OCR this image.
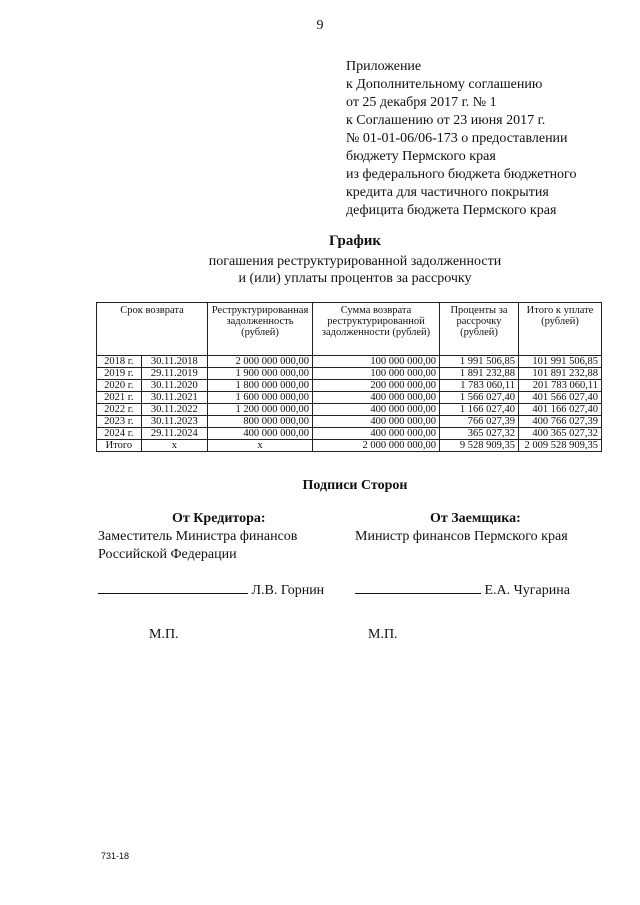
9
Приложение
к Дополнительному соглашению
от 25 декабря 2017 г. № 1
к Соглашению от 23 июня 2017 г.
№ 01-01-06/06-173 о предоставлении
бюджету Пермского края
из федерального бюджета бюджетного
кредита для частичного покрытия
дефицита бюджета Пермского края
График
погашения реструктурированной задолженности
и (или) уплаты процентов за рассрочку
Срок возврата		Реструктурированная задолженность (рублей)	Сумма возврата реструктурированной задолженности (рублей)	Проценты за рассрочку (рублей)	Итого к уплате (рублей)
2018 г.	30.11.2018	2 000 000 000,00	100 000 000,00	1 991 506,85	101 991 506,85
2019 г.	29.11.2019	1 900 000 000,00	100 000 000,00	1 891 232,88	101 891 232,88
2020 г.	30.11.2020	1 800 000 000,00	200 000 000,00	1 783 060,11	201 783 060,11
2021 г.	30.11.2021	1 600 000 000,00	400 000 000,00	1 566 027,40	401 566 027,40
2022 г.	30.11.2022	1 200 000 000,00	400 000 000,00	1 166 027,40	401 166 027,40
2023 г.	30.11.2023	800 000 000,00	400 000 000,00	766 027,39	400 766 027,39
2024 г.	29.11.2024	400 000 000,00	400 000 000,00	365 027,32	400 365 027,32
Итого	х	х	2 000 000 000,00	9 528 909,35	2 009 528 909,35
Подписи Сторон
От Кредитора:
Заместитель Министра финансов
Российской Федерации
Л.В. Горнин
М.П.
От Заемщика:
Министр финансов Пермского края
Е.А. Чугарина
М.П.
731-18
